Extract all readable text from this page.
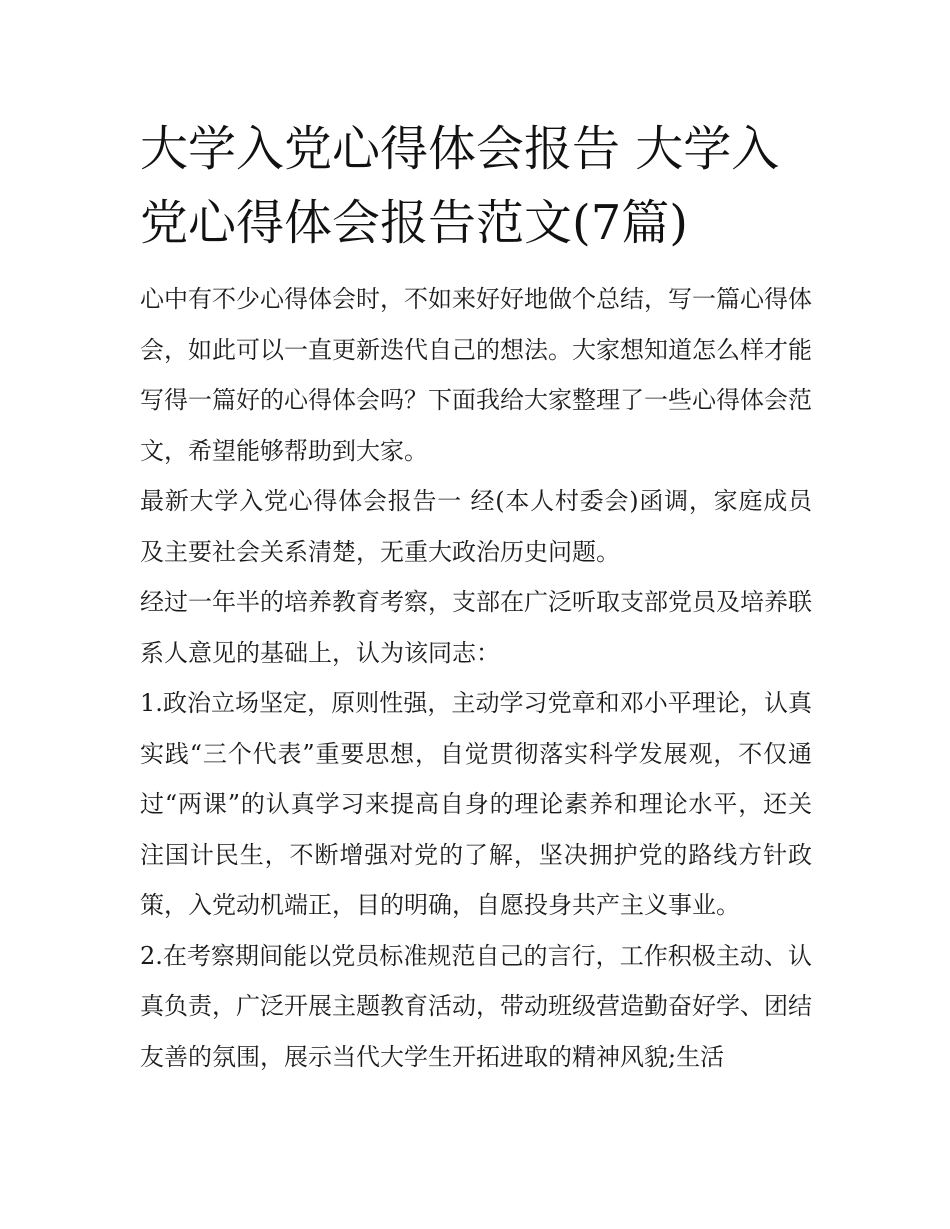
大学入党心得体会报告 大学入党心得体会报告范文(7篇)

心中有不少心得体会时，不如来好好地做个总结，写一篇心得体会，如此可以一直更新迭代自己的想法。大家想知道怎么样才能写得一篇好的心得体会吗？下面我给大家整理了一些心得体会范文，希望能够帮助到大家。

最新大学入党心得体会报告一 经(本人村委会)函调，家庭成员及主要社会关系清楚，无重大政治历史问题。

经过一年半的培养教育考察，支部在广泛听取支部党员及培养联系人意见的基础上，认为该同志：

1.政治立场坚定，原则性强，主动学习党章和邓小平理论，认真实践“三个代表”重要思想，自觉贯彻落实科学发展观，不仅通过“两课”的认真学习来提高自身的理论素养和理论水平，还关注国计民生，不断增强对党的了解，坚决拥护党的路线方针政策，入党动机端正，目的明确，自愿投身共产主义事业。

2.在考察期间能以党员标准规范自己的言行，工作积极主动、认真负责，广泛开展主题教育活动，带动班级营造勤奋好学、团结友善的氛围，展示当代大学生开拓进取的精神风貌;生活
